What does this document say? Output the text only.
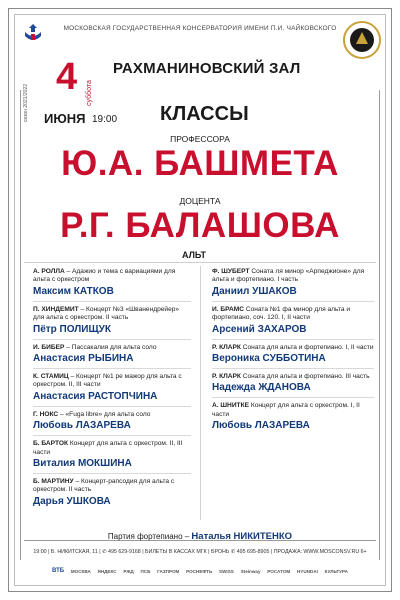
МОСКОВСКАЯ ГОСУДАРСТВЕННАЯ КОНСЕРВАТОРИЯ ИМЕНИ П.И. ЧАЙКОВСКОГО
сезон 2021/2022
4 суббота
ИЮНЯ 19:00
РАХМАНИНОВСКИЙ ЗАЛ
КЛАССЫ
ПРОФЕССОРА
Ю.А. БАШМЕТА
ДОЦЕНТА
Р.Г. БАЛАШОВА
АЛЬТ
А. РОЛЛА – Адажио и тема с вариациями для альта с оркестром
Максим КАТКОВ
П. ХИНДЕМИТ – Концерт №3 «Шванендрейер» для альта с оркестром. II часть
Пётр ПОЛИЩУК
И. БИБЕР – Пассакалия для альта соло
Анастасия РЫБИНА
К. СТАМИЦ – Концерт №1 ре мажор для альта с оркестром. II, III части
Анастасия РАСТОПЧИНА
Г. НОКС – «Fuga libre» для альта соло
Любовь ЛАЗАРЕВА
Б. БАРТОК Концерт для альта с оркестром. II, III части
Виталия МОКШИНА
Б. МАРТИНУ – Концерт-рапсодия для альта с оркестром. II часть
Дарья УШКОВА
Ф. ШУБЕРТ Соната ля минор «Арпеджионе» для альта и фортепиано. I часть
Даниил УШАКОВ
И. БРАМС Соната №1 фа минор для альта и фортепиано, соч. 120. I, II части
Арсений ЗАХАРОВ
Р. КЛАРК Соната для альта и фортепиано. I, II части
Вероника СУББОТИНА
Р. КЛАРК Соната для альта и фортепиано. III часть
Надежда ЖДАНОВА
А. ШНИТКЕ Концерт для альта с оркестром. I, II части
Любовь ЛАЗАРЕВА
Партия фортепиано – Наталья НИКИТЕНКО
19:00 | Б. НИКИТСКАЯ, 11 | ✆ 495 629-9168 | БИЛЕТЫ В КАССАХ МГК | БРОНЬ ✆ 495 695-8905 | ПРОДАЖА: WWW.MOSCONSV.RU 6+
ВТБ МОСКВА ЯНДЕКС РЖД ПСБ ГАЗПРОМ РОСНЕФТЬ SWISS Steinway РОСАТОМ HYUNDAI КУЛЬТУРА
